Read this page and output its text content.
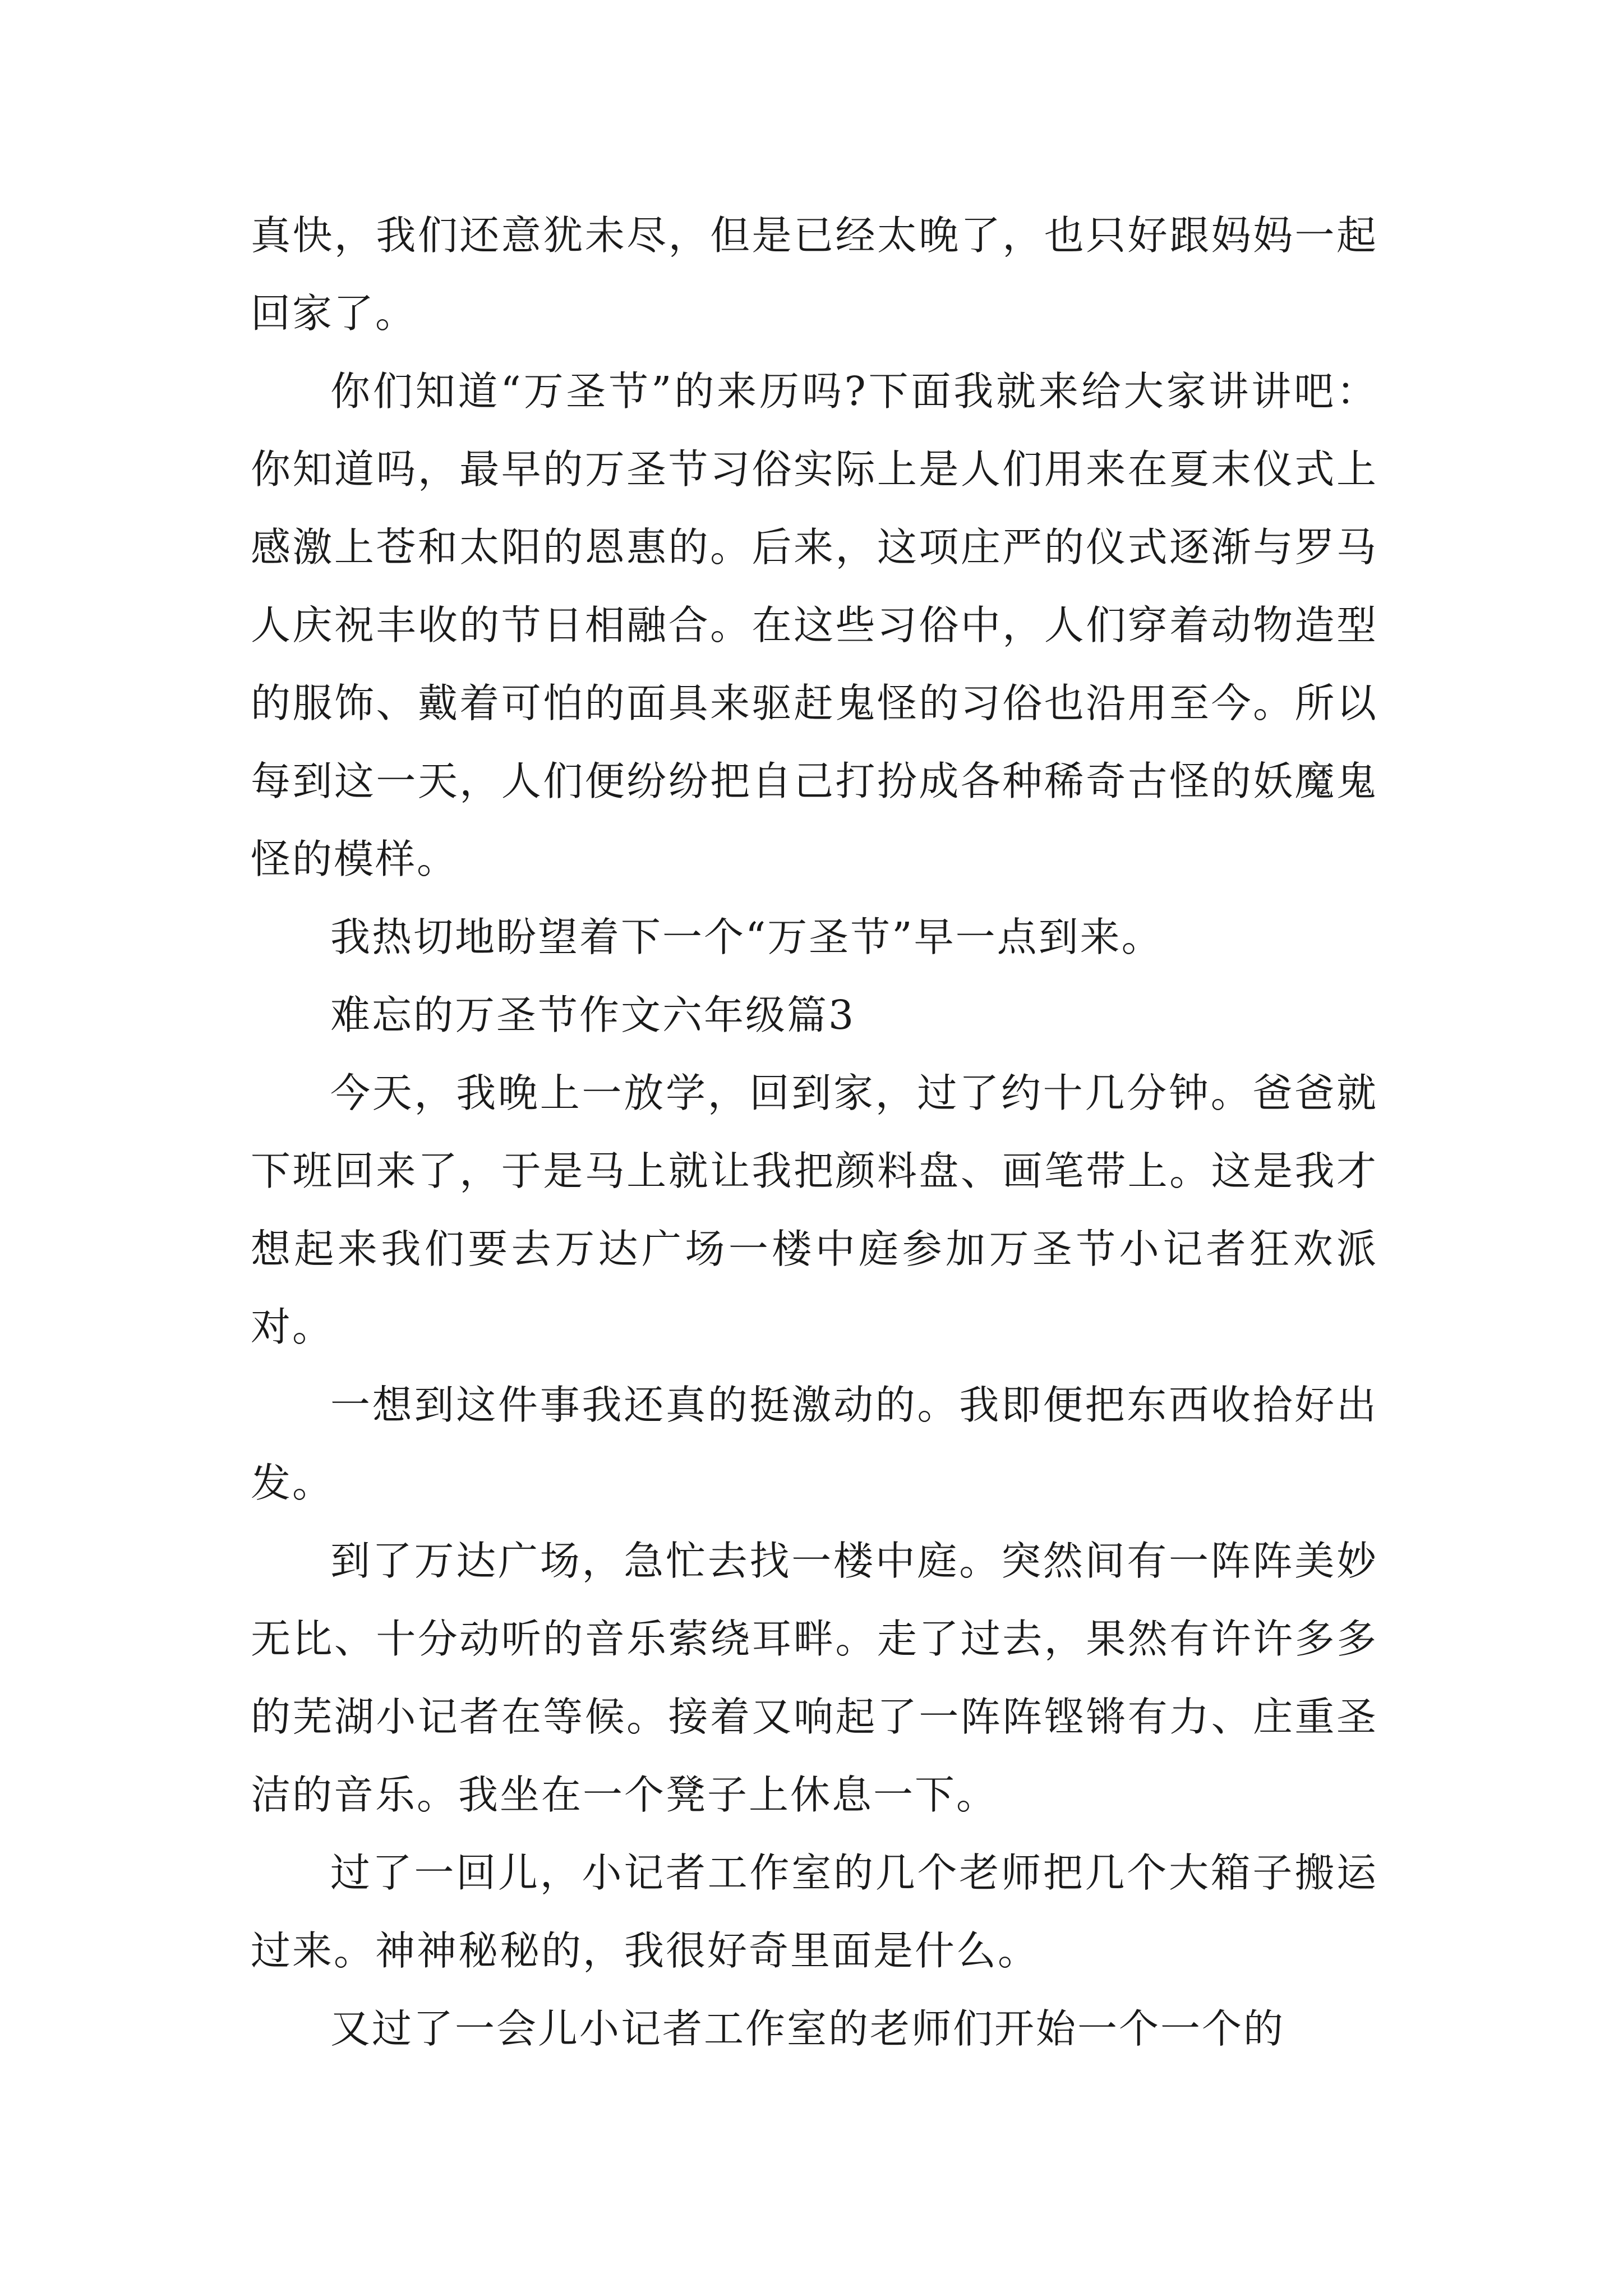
真快，我们还意犹未尽，但是已经太晚了，也只好跟妈妈一起回家了。

你们知道“万圣节”的来历吗?下面我就来给大家讲讲吧：你知道吗，最早的万圣节习俗实际上是人们用来在夏末仪式上感激上苍和太阳的恩惠的。后来，这项庄严的仪式逐渐与罗马人庆祝丰收的节日相融合。在这些习俗中，人们穿着动物造型的服饰、戴着可怕的面具来驱赶鬼怪的习俗也沿用至今。所以每到这一天，人们便纷纷把自己打扮成各种稀奇古怪的妖魔鬼怪的模样。

我热切地盼望着下一个“万圣节”早一点到来。

难忘的万圣节作文六年级篇3

今天，我晚上一放学，回到家，过了约十几分钟。爸爸就下班回来了，于是马上就让我把颜料盘、画笔带上。这是我才想起来我们要去万达广场一楼中庭参加万圣节小记者狂欢派对。

一想到这件事我还真的挺激动的。我即便把东西收拾好出发。

到了万达广场，急忙去找一楼中庭。突然间有一阵阵美妙无比、十分动听的音乐萦绕耳畔。走了过去，果然有许许多多的芜湖小记者在等候。接着又响起了一阵阵铿锵有力、庄重圣洁的音乐。我坐在一个凳子上休息一下。

过了一回儿，小记者工作室的几个老师把几个大箱子搬运过来。神神秘秘的，我很好奇里面是什么。

又过了一会儿小记者工作室的老师们开始一个一个的
